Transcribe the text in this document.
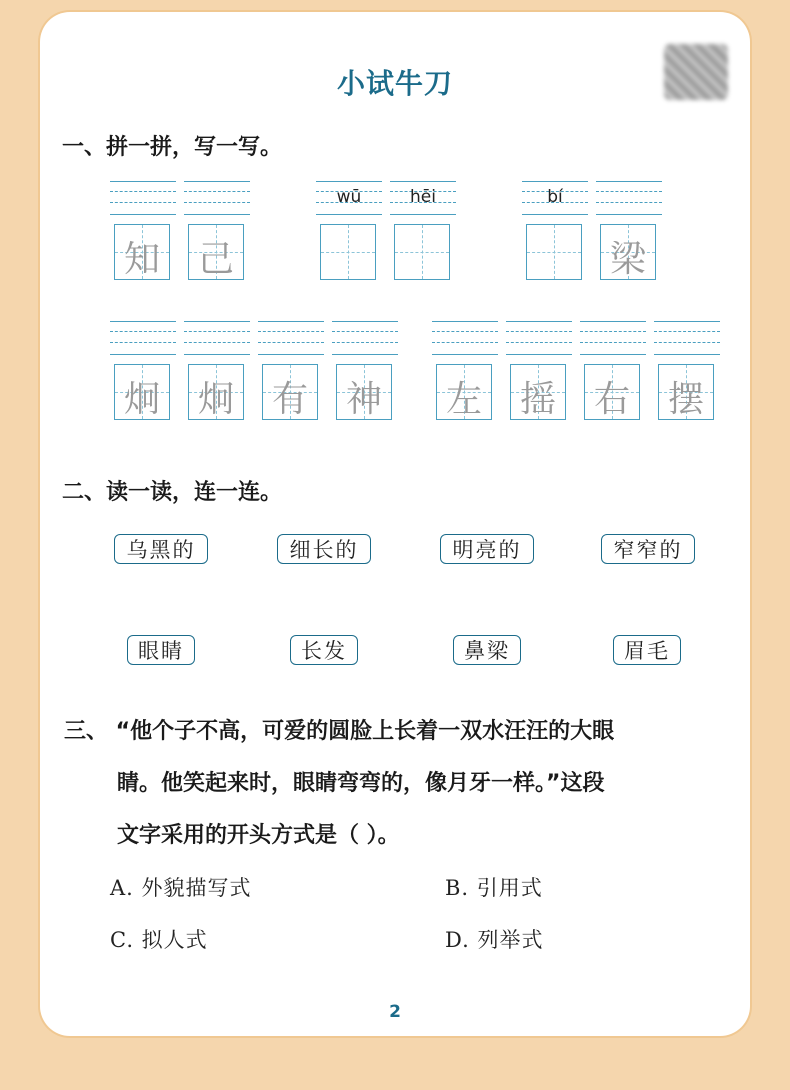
小试牛刀
一、拼一拼，写一写。
wū	hēi	bí
知 己	梁
炯 炯 有 神 左 摇 右 摆
二、读一读，连一连。
乌黑的	细长的	明亮的	窄窄的
眼睛	长发	鼻梁	眉毛
三、 “他个子不高，可爱的圆脸上长着一双水汪汪的大眼
睛。他笑起来时，眼睛弯弯的，像月牙一样。”这段
文字采用的开头方式是（ ）。
A. 外貌描写式	B. 引用式
C. 拟人式	D. 列举式
2
